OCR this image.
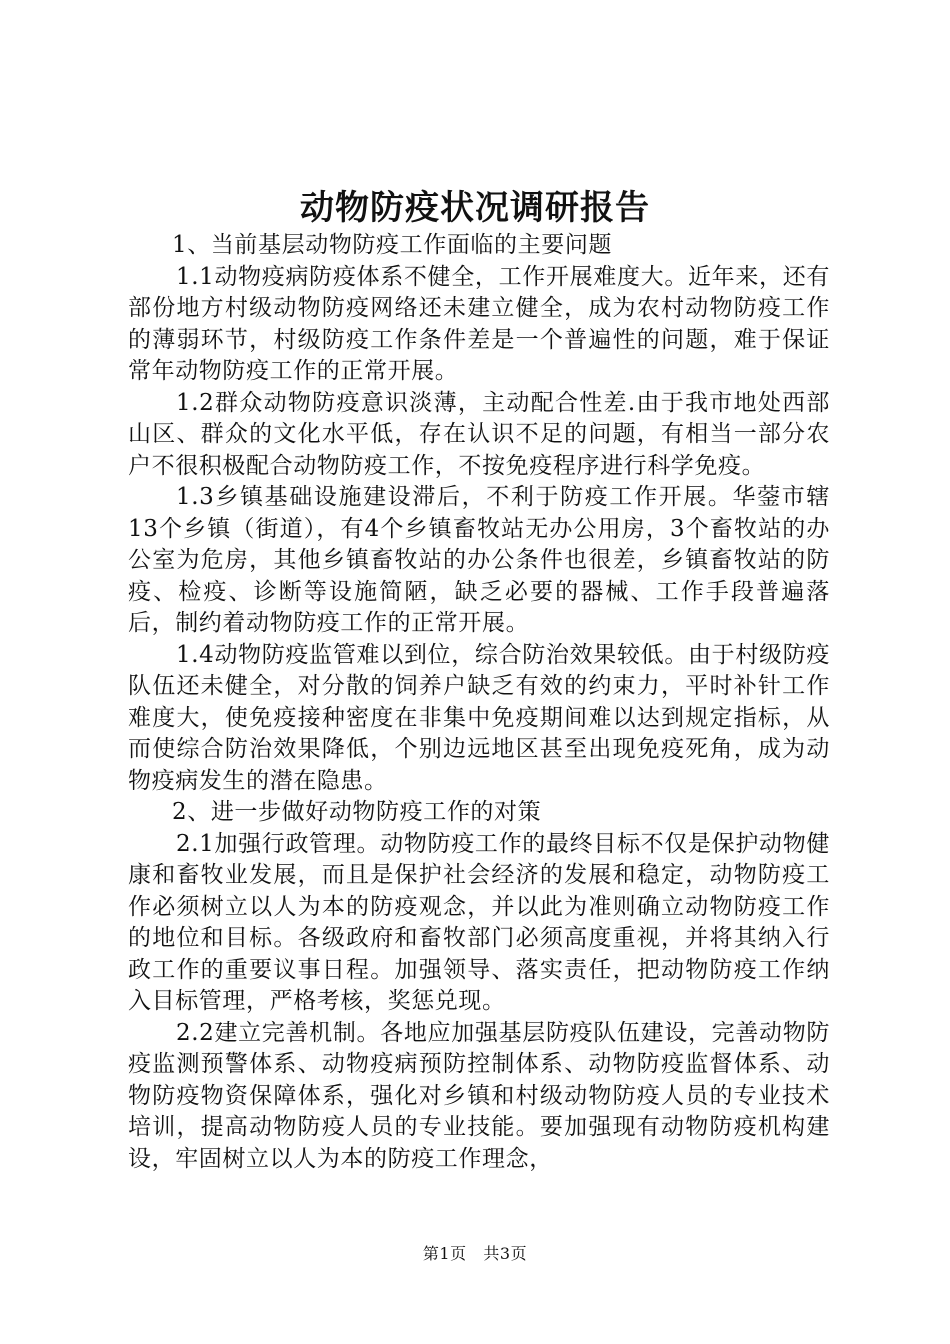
动物防疫状况调研报告

1、当前基层动物防疫工作面临的主要问题

1.1动物疫病防疫体系不健全，工作开展难度大。近年来，还有部份地方村级动物防疫网络还未建立健全，成为农村动物防疫工作的薄弱环节，村级防疫工作条件差是一个普遍性的问题，难于保证常年动物防疫工作的正常开展。

1.2群众动物防疫意识淡薄，主动配合性差.由于我市地处西部山区、群众的文化水平低，存在认识不足的问题，有相当一部分农户不很积极配合动物防疫工作，不按免疫程序进行科学免疫。

1.3乡镇基础设施建设滞后，不利于防疫工作开展。华蓥市辖13个乡镇（街道），有4个乡镇畜牧站无办公用房，3个畜牧站的办公室为危房，其他乡镇畜牧站的办公条件也很差，乡镇畜牧站的防疫、检疫、诊断等设施简陋，缺乏必要的器械、工作手段普遍落后，制约着动物防疫工作的正常开展。

1.4动物防疫监管难以到位，综合防治效果较低。由于村级防疫队伍还未健全，对分散的饲养户缺乏有效的约束力，平时补针工作难度大，使免疫接种密度在非集中免疫期间难以达到规定指标，从而使综合防治效果降低，个别边远地区甚至出现免疫死角，成为动物疫病发生的潜在隐患。

2、进一步做好动物防疫工作的对策

2.1加强行政管理。动物防疫工作的最终目标不仅是保护动物健康和畜牧业发展，而且是保护社会经济的发展和稳定，动物防疫工作必须树立以人为本的防疫观念，并以此为准则确立动物防疫工作的地位和目标。各级政府和畜牧部门必须高度重视，并将其纳入行政工作的重要议事日程。加强领导、落实责任，把动物防疫工作纳入目标管理，严格考核，奖惩兑现。

2.2建立完善机制。各地应加强基层防疫队伍建设，完善动物防疫监测预警体系、动物疫病预防控制体系、动物防疫监督体系、动物防疫物资保障体系，强化对乡镇和村级动物防疫人员的专业技术培训，提高动物防疫人员的专业技能。要加强现有动物防疫机构建设，牢固树立以人为本的防疫工作理念，

第1页 共3页
